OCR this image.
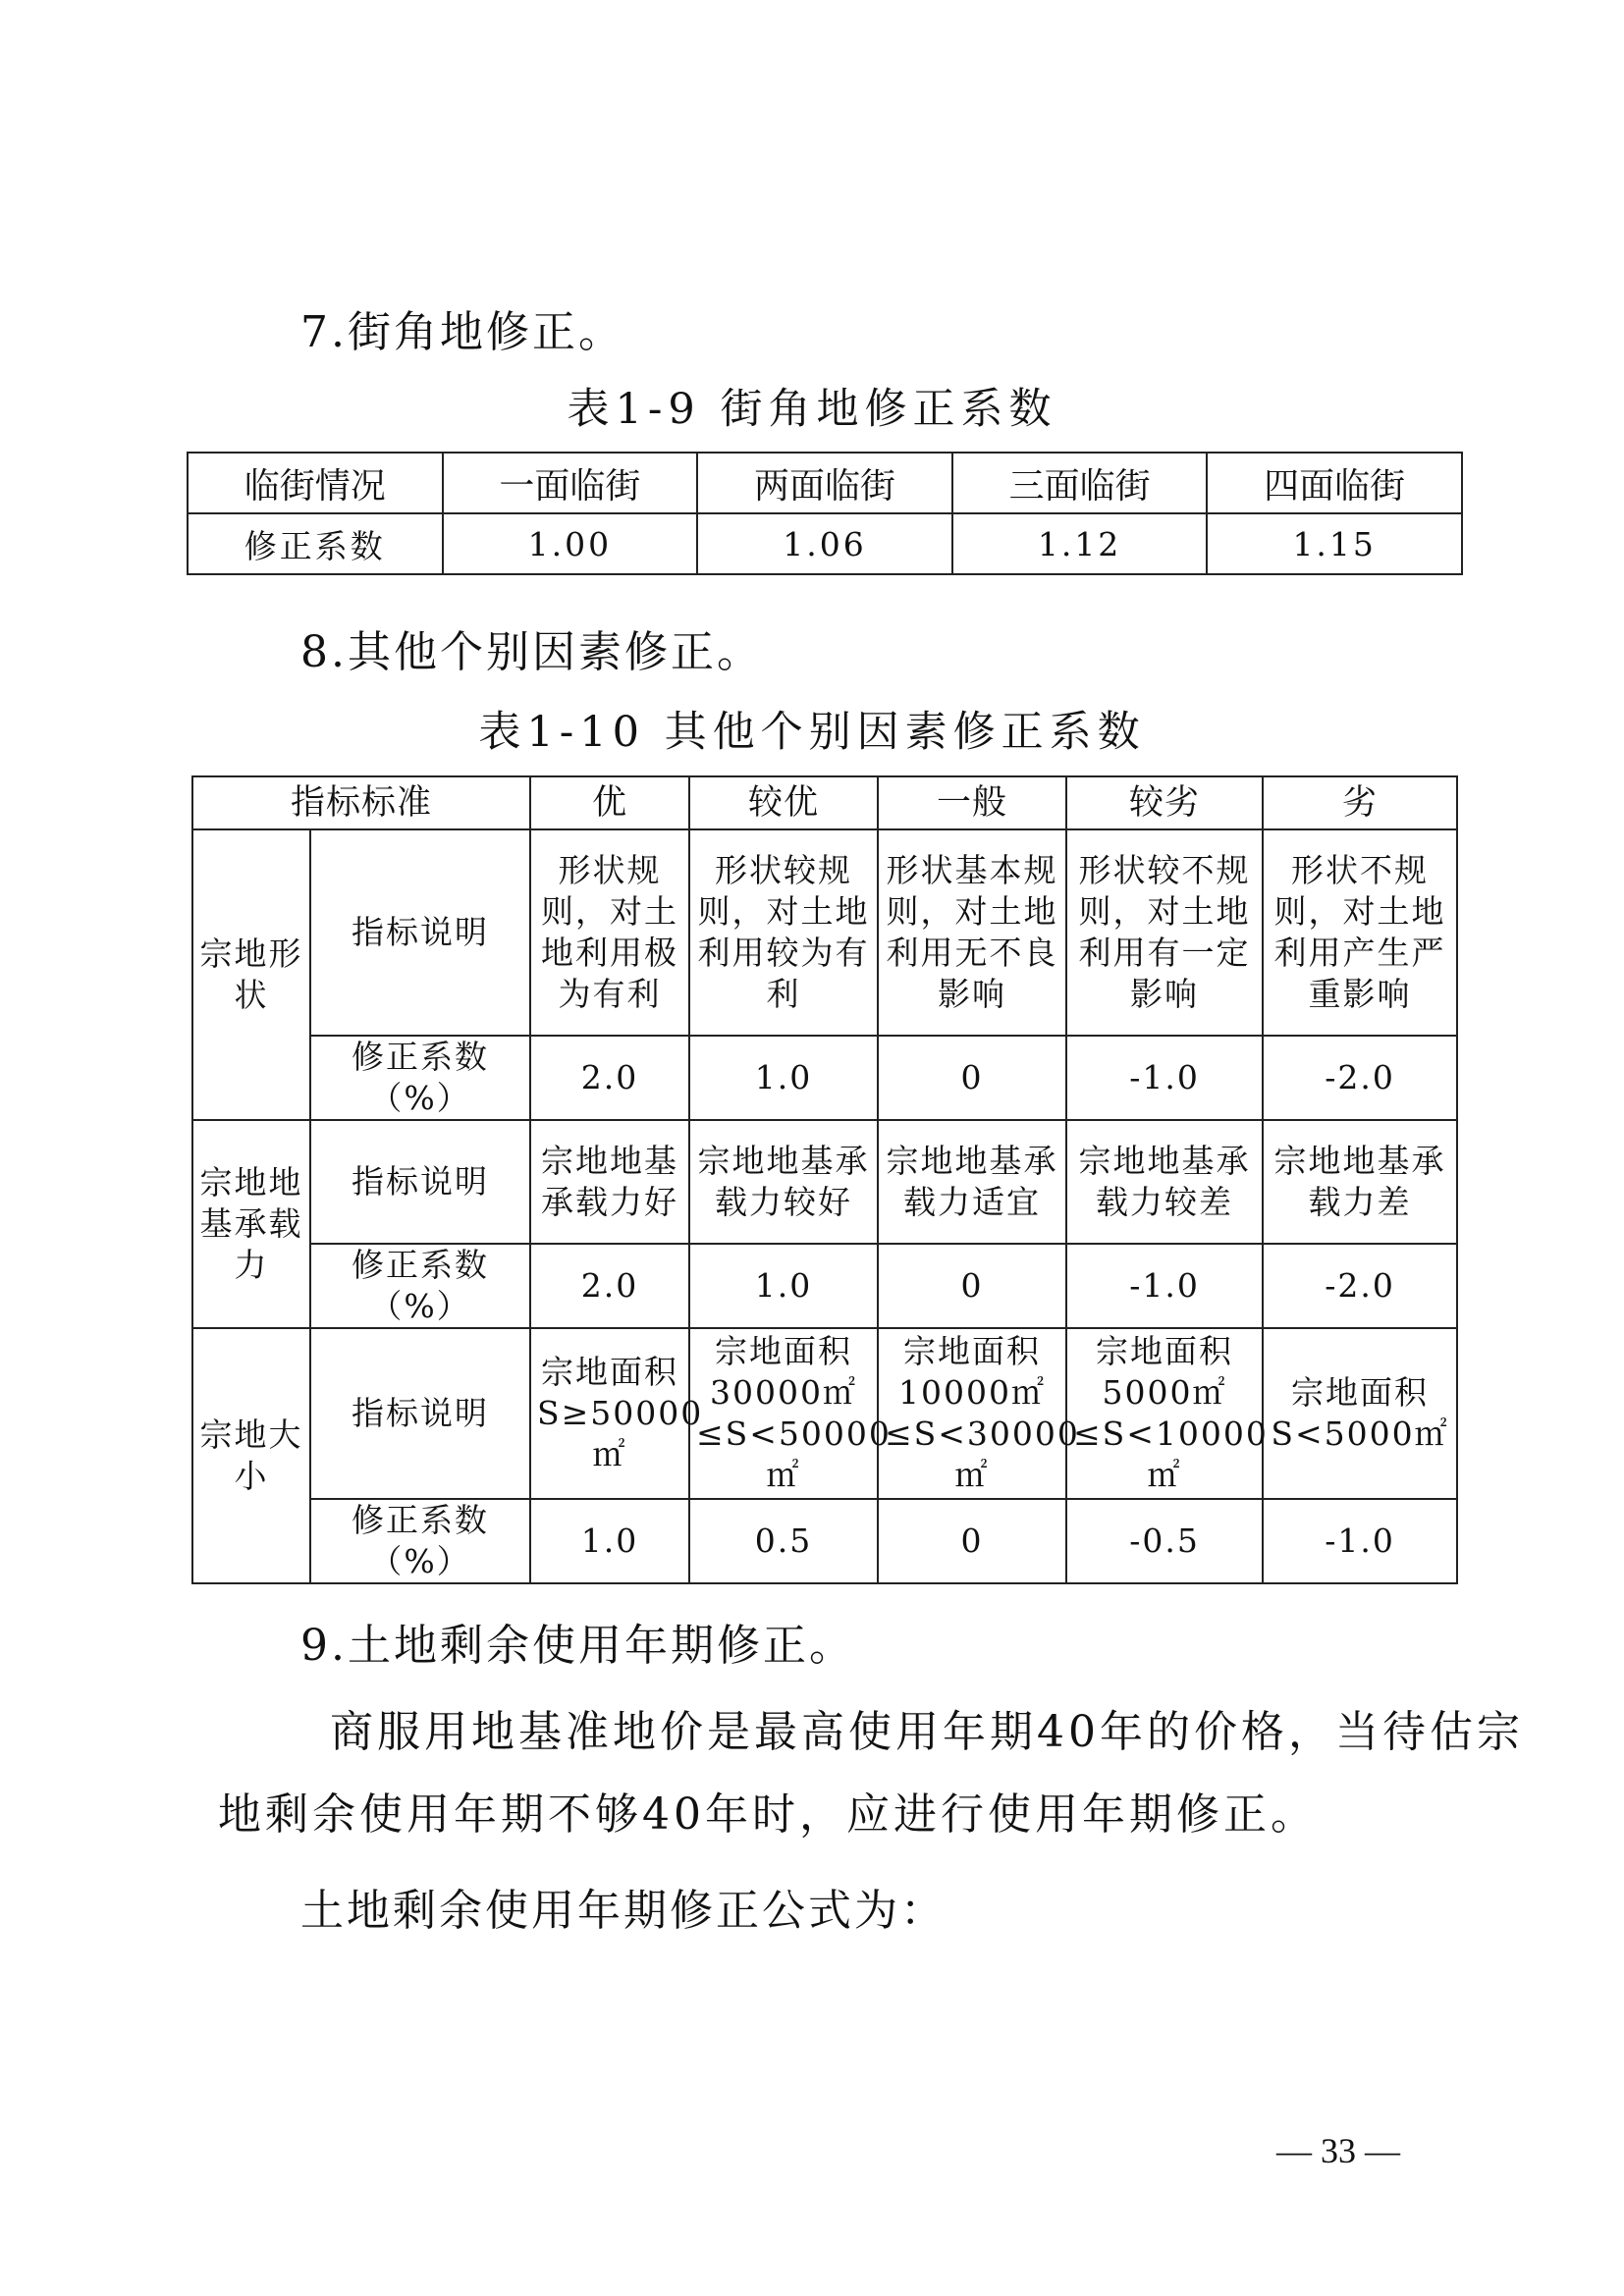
7.街角地修正。
表1-9 街角地修正系数
临街情况	一面临街	两面临街	三面临街	四面临街
修正系数	1.00	1.06	1.12	1.15
8.其他个别因素修正。
表1-10 其他个别因素修正系数
指标标准		优	较优	一般	较劣	劣
宗地形状	指标说明	形状规则，对土地利用极为有利	形状较规则，对土地利用较为有利	形状基本规则，对土地利用无不良影响	形状较不规则，对土地利用有一定影响	形状不规则，对土地利用产生严重影响
	修正系数（%）	2.0	1.0	0	-1.0	-2.0
宗地地基承载力	指标说明	宗地地基承载力好	宗地地基承载力较好	宗地地基承载力适宜	宗地地基承载力较差	宗地地基承载力差
	修正系数（%）	2.0	1.0	0	-1.0	-2.0
宗地大小	指标说明	宗地面积S≥50000㎡	宗地面积30000㎡≤S<50000㎡	宗地面积10000㎡≤S<30000㎡	宗地面积5000㎡≤S<10000㎡	宗地面积S<5000㎡
	修正系数（%）	1.0	0.5	0	-0.5	-1.0
9.土地剩余使用年期修正。
商服用地基准地价是最高使用年期40年的价格，当待估宗
地剩余使用年期不够40年时，应进行使用年期修正。
土地剩余使用年期修正公式为：
— 33 —
